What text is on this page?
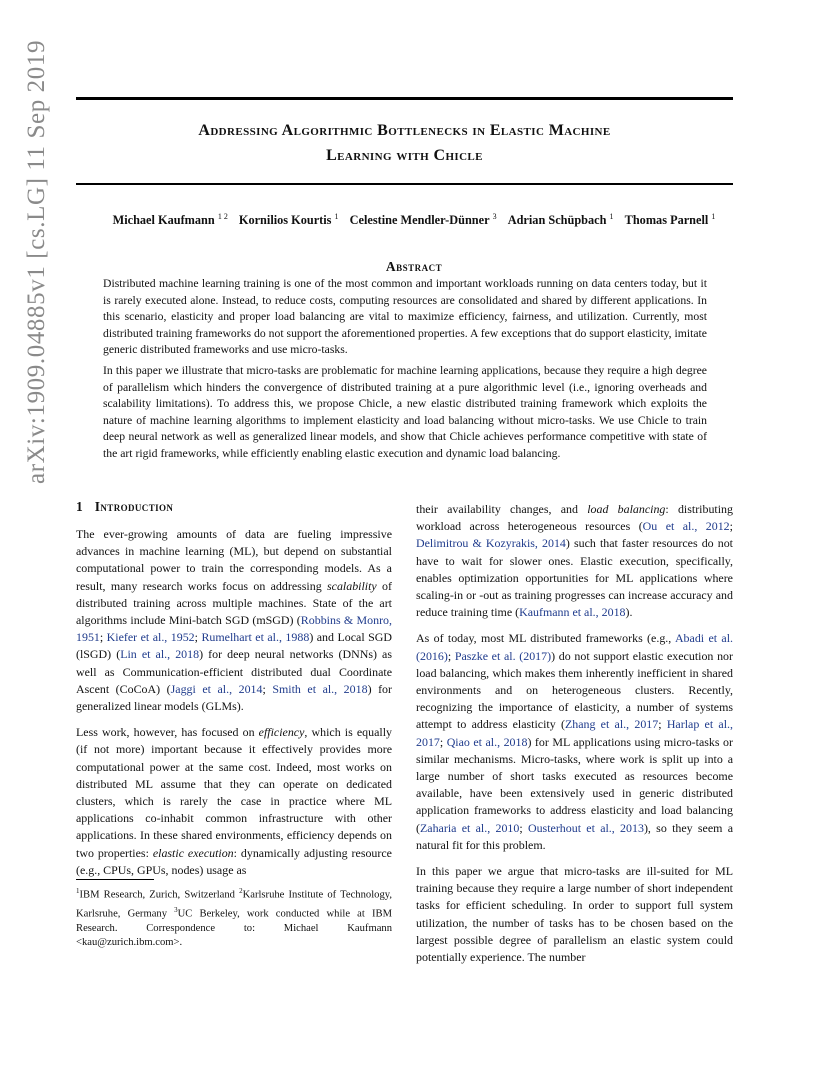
arXiv:1909.04885v1 [cs.LG] 11 Sep 2019	Addressing Algorithmic Bottlenecks in Elastic Machine
Learning with Chicle
Michael Kaufmann $^{1 2}$ Kornilios Kourtis $^1$ Celestine Mendler-Dünner $^3$ Adrian Schüpbach $^1$ Thomas Parnell $^1$
Abstract

Distributed machine learning training is one of the most common and important workloads running on data centers today, but it is rarely executed alone. Instead, to reduce costs, computing resources are consolidated and shared by different applications. In this scenario, elasticity and proper load balancing are vital to maximize efficiency, fairness, and utilization. Currently, most distributed training frameworks do not support the aforementioned properties. A few exceptions that do support elasticity, imitate generic distributed frameworks and use micro-tasks.

In this paper we illustrate that micro-tasks are problematic for machine learning applications, because they require a high degree of parallelism which hinders the convergence of distributed training at a pure algorithmic level (i.e., ignoring overheads and scalability limitations). To address this, we propose Chicle, a new elastic distributed training framework which exploits the nature of machine learning algorithms to implement elasticity and load balancing without micro-tasks. We use Chicle to train deep neural network as well as generalized linear models, and show that Chicle achieves performance competitive with state of the art rigid frameworks, while efficiently enabling elastic execution and dynamic load balancing.

1 Introduction

The ever-growing amounts of data are fueling impressive advances in machine learning (ML), but depend on substantial computational power to train the corresponding models. As a result, many research works focus on addressing scalability of distributed training across multiple machines. State of the art algorithms include Mini-batch SGD (mSGD) (Robbins & Monro, 1951; Kiefer et al., 1952; Rumelhart et al., 1988) and Local SGD (lSGD) (Lin et al., 2018) for deep neural networks (DNNs) as well as Communication-efficient distributed dual Coordinate Ascent (CoCoA) (Jaggi et al., 2014; Smith et al., 2018) for generalized linear models (GLMs).

Less work, however, has focused on efficiency, which is equally (if not more) important because it effectively provides more computational power at the same cost. Indeed, most works on distributed ML assume that they can operate on dedicated clusters, which is rarely the case in practice where ML applications co-inhabit common infrastructure with other applications. In these shared environments, efficiency depends on two properties: elastic execution: dynamically adjusting resource (e.g., CPUs, GPUs, nodes) usage as

$^1$IBM Research, Zurich, Switzerland $^2$Karlsruhe Institute of Technology, Karlsruhe, Germany $^3$UC Berkeley, work conducted while at IBM Research. Correspondence to: Michael Kaufmann <kau@zurich.ibm.com>.

their availability changes, and load balancing: distributing workload across heterogeneous resources (Ou et al., 2012; Delimitrou & Kozyrakis, 2014) such that faster resources do not have to wait for slower ones. Elastic execution, specifically, enables optimization opportunities for ML applications where scaling-in or -out as training progresses can increase accuracy and reduce training time (Kaufmann et al., 2018).

As of today, most ML distributed frameworks (e.g., Abadi et al. (2016); Paszke et al. (2017)) do not support elastic execution nor load balancing, which makes them inherently inefficient in shared environments and on heterogeneous clusters. Recently, recognizing the importance of elasticity, a number of systems attempt to address elasticity (Zhang et al., 2017; Harlap et al., 2017; Qiao et al., 2018) for ML applications using micro-tasks or similar mechanisms. Micro-tasks, where work is split up into a large number of short tasks executed as resources become available, have been extensively used in generic distributed application frameworks to address elasticity and load balancing (Zaharia et al., 2010; Ousterhout et al., 2013), so they seem a natural fit for this problem.

In this paper we argue that micro-tasks are ill-suited for ML training because they require a large number of short independent tasks for efficient scheduling. In order to support full system utilization, the number of tasks has to be chosen based on the largest possible degree of parallelism an elastic system could potentially experience. The number
